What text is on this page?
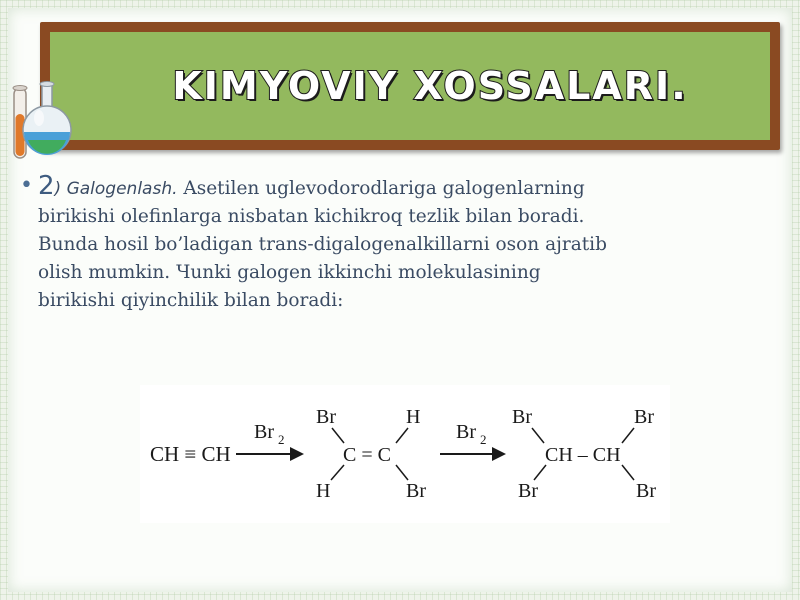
KIMYOVIY XOSSALARI.
• 2) Galogenlash. Asetilen uglevodorodlariga galogenlarning
birikishi olefinlarga nisbatan kichikroq tezlik bilan boradi.
Bunda hosil bo’ladigan trans-digalogenalkillarni oson ajratib
olish mumkin. Чunki galogen ikkinchi molekulasining
birikishi qiyinchilik bilan boradi:
CH ≡ CH
Br 2
Br
H
C = C
H
Br
Br 2
Br
Br
CH – CH
Br
Br
